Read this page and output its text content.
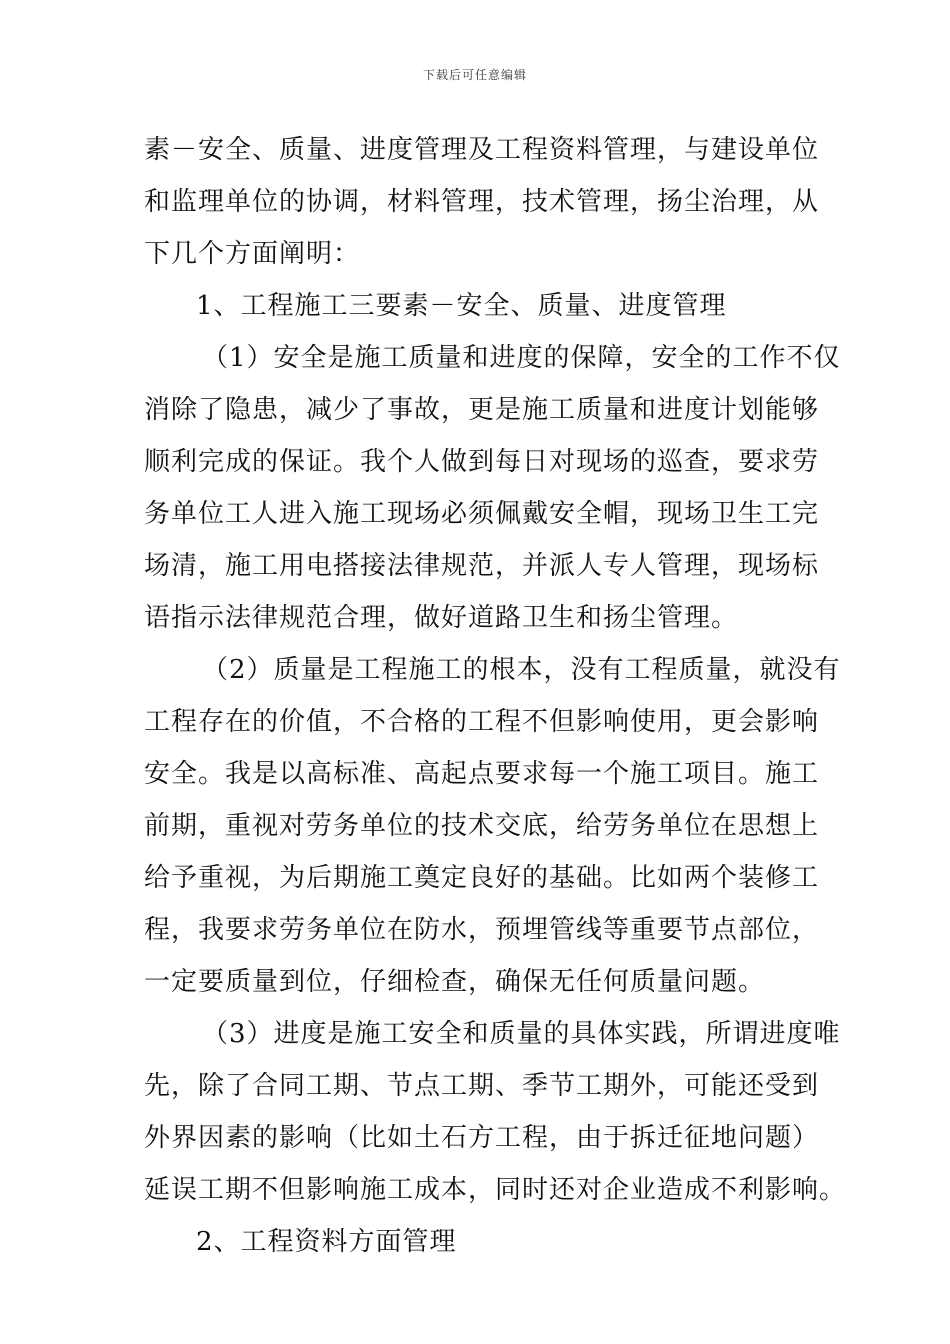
下载后可任意编辑
素－安全、质量、进度管理及工程资料管理，与建设单位
和监理单位的协调，材料管理，技术管理，扬尘治理，从
下几个方面阐明：
1、工程施工三要素－安全、质量、进度管理
（1）安全是施工质量和进度的保障，安全的工作不仅
消除了隐患，减少了事故，更是施工质量和进度计划能够
顺利完成的保证。我个人做到每日对现场的巡查，要求劳
务单位工人进入施工现场必须佩戴安全帽，现场卫生工完
场清，施工用电搭接法律规范，并派人专人管理，现场标
语指示法律规范合理，做好道路卫生和扬尘管理。
（2）质量是工程施工的根本，没有工程质量，就没有
工程存在的价值，不合格的工程不但影响使用，更会影响
安全。我是以高标准、高起点要求每一个施工项目。施工
前期，重视对劳务单位的技术交底，给劳务单位在思想上
给予重视，为后期施工奠定良好的基础。比如两个装修工
程，我要求劳务单位在防水，预埋管线等重要节点部位，
一定要质量到位，仔细检查，确保无任何质量问题。
（3）进度是施工安全和质量的具体实践，所谓进度唯
先，除了合同工期、节点工期、季节工期外，可能还受到
外界因素的影响（比如土石方工程，由于拆迁征地问题）
延误工期不但影响施工成本，同时还对企业造成不利影响。
2、工程资料方面管理
